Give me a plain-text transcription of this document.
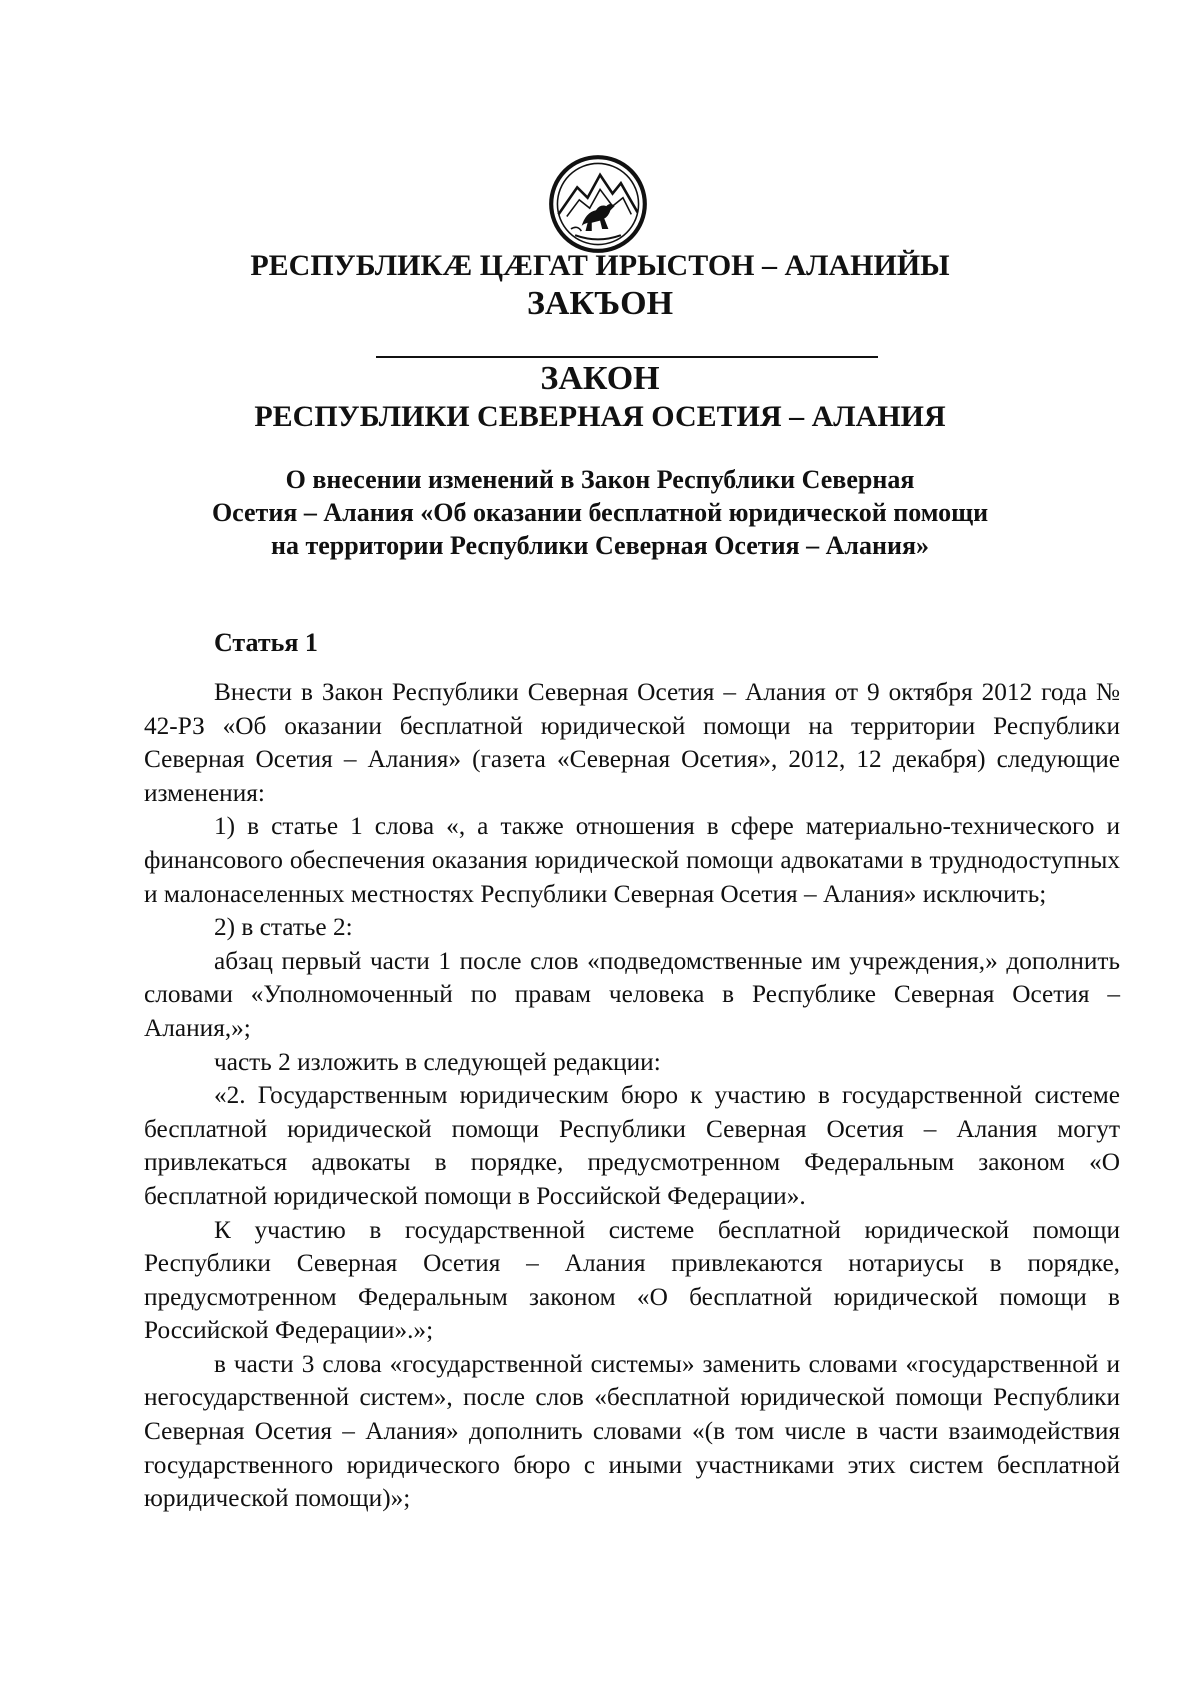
РЕСПУБЛИКӔ ЦӔГАТ ИРЫСТОН – АЛАНИЙЫ
ЗАКЪОН
ЗАКОН
РЕСПУБЛИКИ СЕВЕРНАЯ ОСЕТИЯ – АЛАНИЯ
О внесении изменений в Закон Республики Северная
Осетия – Алания «Об оказании бесплатной юридической помощи
на территории Республики Северная Осетия – Алания»
Статья 1

Внести в Закон Республики Северная Осетия – Алания от 9 октября 2012 года № 42-РЗ «Об оказании бесплатной юридической помощи на территории Республики Северная Осетия – Алания» (газета «Северная Осетия», 2012, 12 декабря) следующие изменения:

1) в статье 1 слова «, а также отношения в сфере материально-технического и финансового обеспечения оказания юридической помощи адвокатами в труднодоступных и малонаселенных местностях Республики Северная Осетия – Алания» исключить;

2) в статье 2:

абзац первый части 1 после слов «подведомственные им учреждения,» дополнить словами «Уполномоченный по правам человека в Республике Северная Осетия – Алания,»;

часть 2 изложить в следующей редакции:

«2. Государственным юридическим бюро к участию в государственной системе бесплатной юридической помощи Республики Северная Осетия – Алания могут привлекаться адвокаты в порядке, предусмотренном Федеральным законом «О бесплатной юридической помощи в Российской Федерации».

К участию в государственной системе бесплатной юридической помощи Республики Северная Осетия – Алания привлекаются нотариусы в порядке, предусмотренном Федеральным законом «О бесплатной юридической помощи в Российской Федерации».»;

в части 3 слова «государственной системы» заменить словами «государственной и негосударственной систем», после слов «бесплатной юридической помощи Республики Северная Осетия – Алания» дополнить словами «(в том числе в части взаимодействия государственного юридического бюро с иными участниками этих систем бесплатной юридической помощи)»;
